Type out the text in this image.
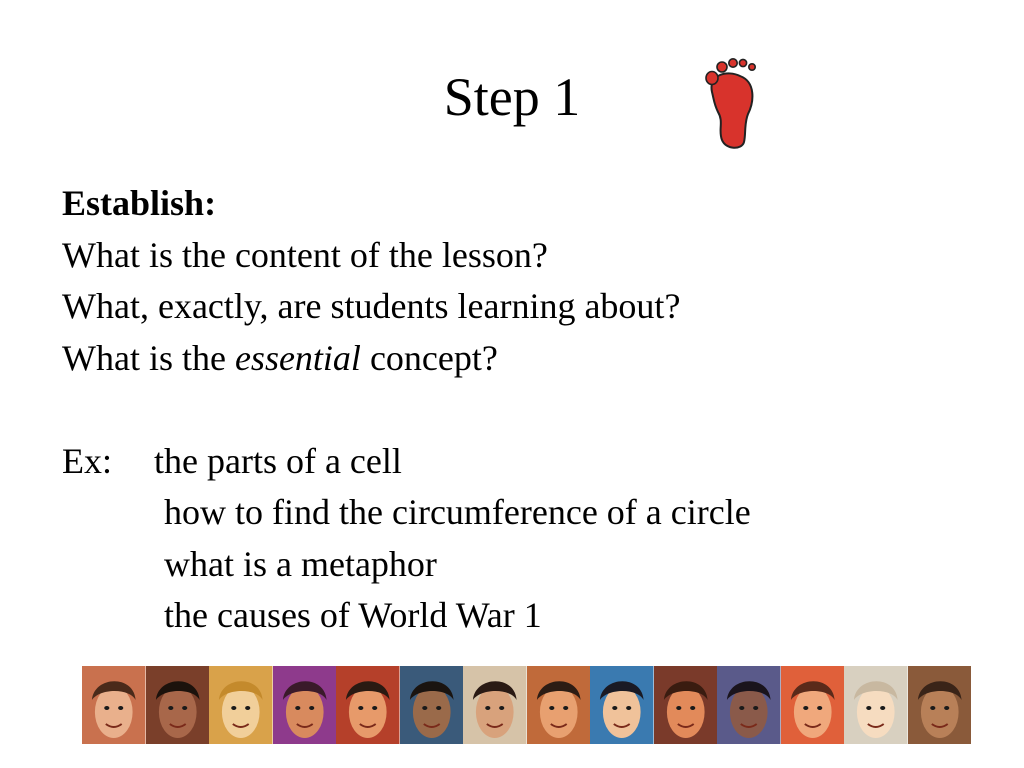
Step 1
Establish:
What is the content of the lesson?
What, exactly, are students learning about?
What is the essential concept?
Ex: the parts of a cell
how to find the circumference of a circle
what is a metaphor
the causes of World War 1
